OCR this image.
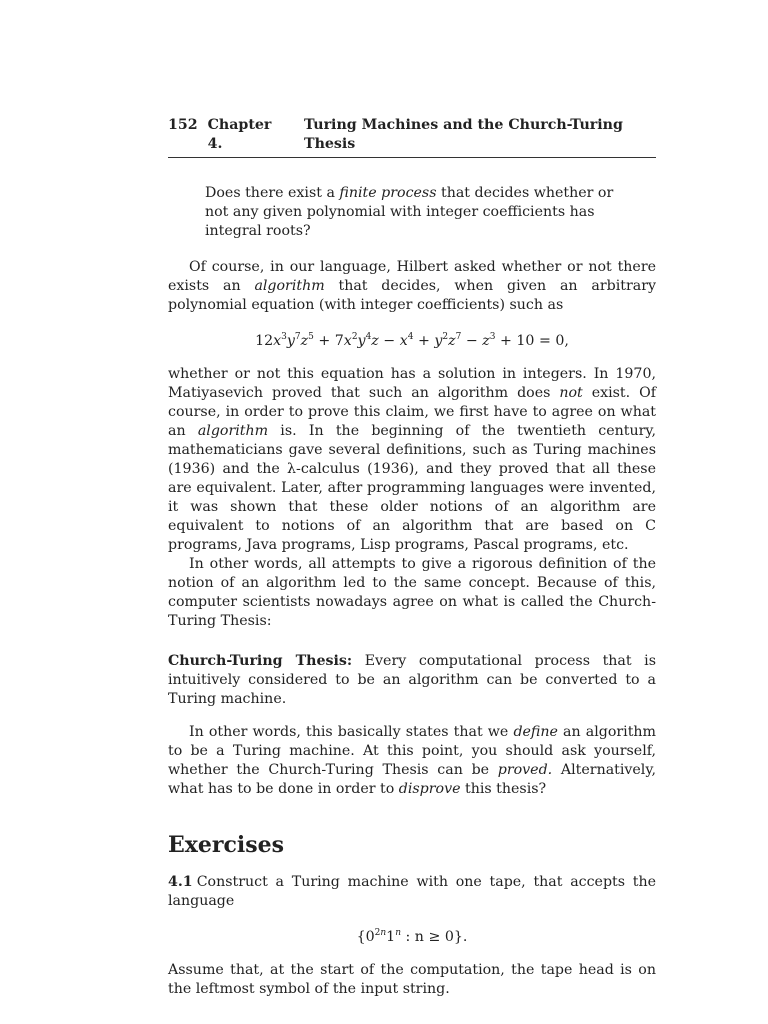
152 Chapter 4.
Turing Machines and the Church-Turing Thesis

Does there exist a finite process that decides whether or not any given polynomial with integer coefficients has integral roots?

Of course, in our language, Hilbert asked whether or not there exists an algorithm that decides, when given an arbitrary polynomial equation (with integer coefficients) such as

$12x^3y^7z^5 + 7x^2y^4z - x^4 + y^2z^7 - z^3 + 10 = 0$,

whether or not this equation has a solution in integers. In 1970, Matiyasevich proved that such an algorithm does not exist. Of course, in order to prove this claim, we first have to agree on what an algorithm is. In the beginning of the twentieth century, mathematicians gave several definitions, such as Turing machines (1936) and the λ-calculus (1936), and they proved that all these are equivalent. Later, after programming languages were invented, it was shown that these older notions of an algorithm are equivalent to notions of an algorithm that are based on C programs, Java programs, Lisp programs, Pascal programs, etc.

In other words, all attempts to give a rigorous definition of the notion of an algorithm led to the same concept. Because of this, computer scientists nowadays agree on what is called the Church-Turing Thesis:

Church-Turing Thesis: Every computational process that is intuitively considered to be an algorithm can be converted to a Turing machine.

In other words, this basically states that we define an algorithm to be a Turing machine. At this point, you should ask yourself, whether the Church-Turing Thesis can be proved. Alternatively, what has to be done in order to disprove this thesis?

Exercises

4.1 Construct a Turing machine with one tape, that accepts the language

{$0^{2n}1^n$ : n ≥ 0}.

Assume that, at the start of the computation, the tape head is on the leftmost symbol of the input string.
